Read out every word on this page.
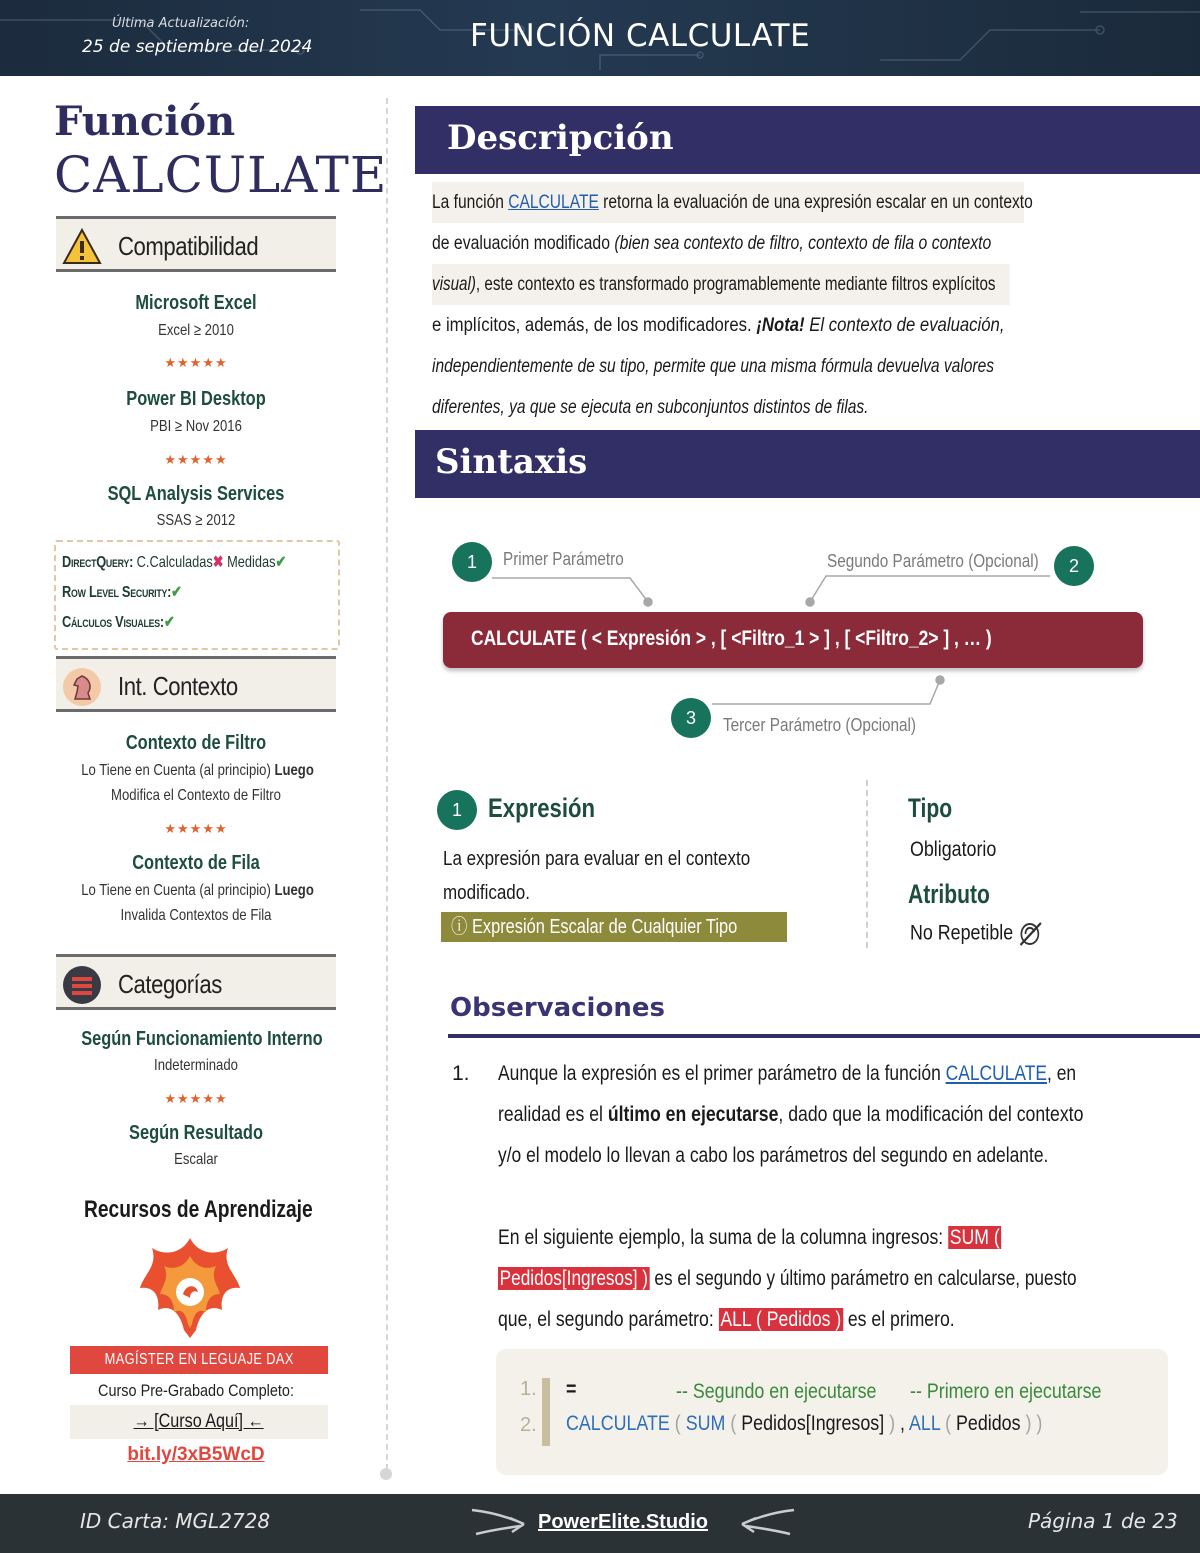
Última Actualización:
25 de septiembre del 2024	FUNCIÓN CALCULATE
Función
CALCULATE
Compatibilidad
Microsoft Excel
Excel ≥ 2010
★★★★★
Power BI Desktop
PBI ≥ Nov 2016
★★★★★
SQL Analysis Services
SSAS ≥ 2012
DirectQuery: C.Calculadas✖ Medidas✔
Row Level Security:✔
Cálculos Visuales:✔
Int. Contexto
Contexto de Filtro
Lo Tiene en Cuenta (al principio) Luego
Modifica el Contexto de Filtro
★★★★★
Contexto de Fila
Lo Tiene en Cuenta (al principio) Luego
Invalida Contextos de Fila
Categorías
Según Funcionamiento Interno
Indeterminado
★★★★★
Según Resultado
Escalar
Recursos de Aprendizaje
MAGÍSTER EN LEGUAJE DAX
Curso Pre-Grabado Completo:
→ [Curso Aquí] ←
bit.ly/3xB5WcD
Descripción
La función CALCULATE retorna la evaluación de una expresión escalar en un contexto
de evaluación modificado (bien sea contexto de filtro, contexto de fila o contexto
visual), este contexto es transformado programablemente mediante filtros explícitos
e implícitos, además, de los modificadores. ¡Nota! El contexto de evaluación,
independientemente de su tipo, permite que una misma fórmula devuelva valores
diferentes, ya que se ejecuta en subconjuntos distintos de filas.
Sintaxis
1	Primer Parámetro	2
Segundo Parámetro (Opcional)
CALCULATE ( < Expresión > , [ <Filtro_1 > ] , [ <Filtro_2> ] , … )
3	Tercer Parámetro (Opcional)
1 Expresión
La expresión para evaluar en el contexto
modificado.
ⓘ Expresión Escalar de Cualquier Tipo
Tipo
Obligatorio
Atributo
No Repetible
Observaciones
1. Aunque la expresión es el primer parámetro de la función CALCULATE, en
realidad es el último en ejecutarse, dado que la modificación del contexto
y/o el modelo lo llevan a cabo los parámetros del segundo en adelante.
En el siguiente ejemplo, la suma de la columna ingresos: SUM (
Pedidos[Ingresos] ) es el segundo y último parámetro en calcularse, puesto
que, el segundo parámetro: ALL ( Pedidos ) es el primero.
1.
2.
=	-- Segundo en ejecutarse -- Primero en ejecutarse
CALCULATE ( SUM ( Pedidos[Ingresos] ) , ALL ( Pedidos ) )
ID Carta: MGL2728	PowerElite.Studio	Página 1 de 23
